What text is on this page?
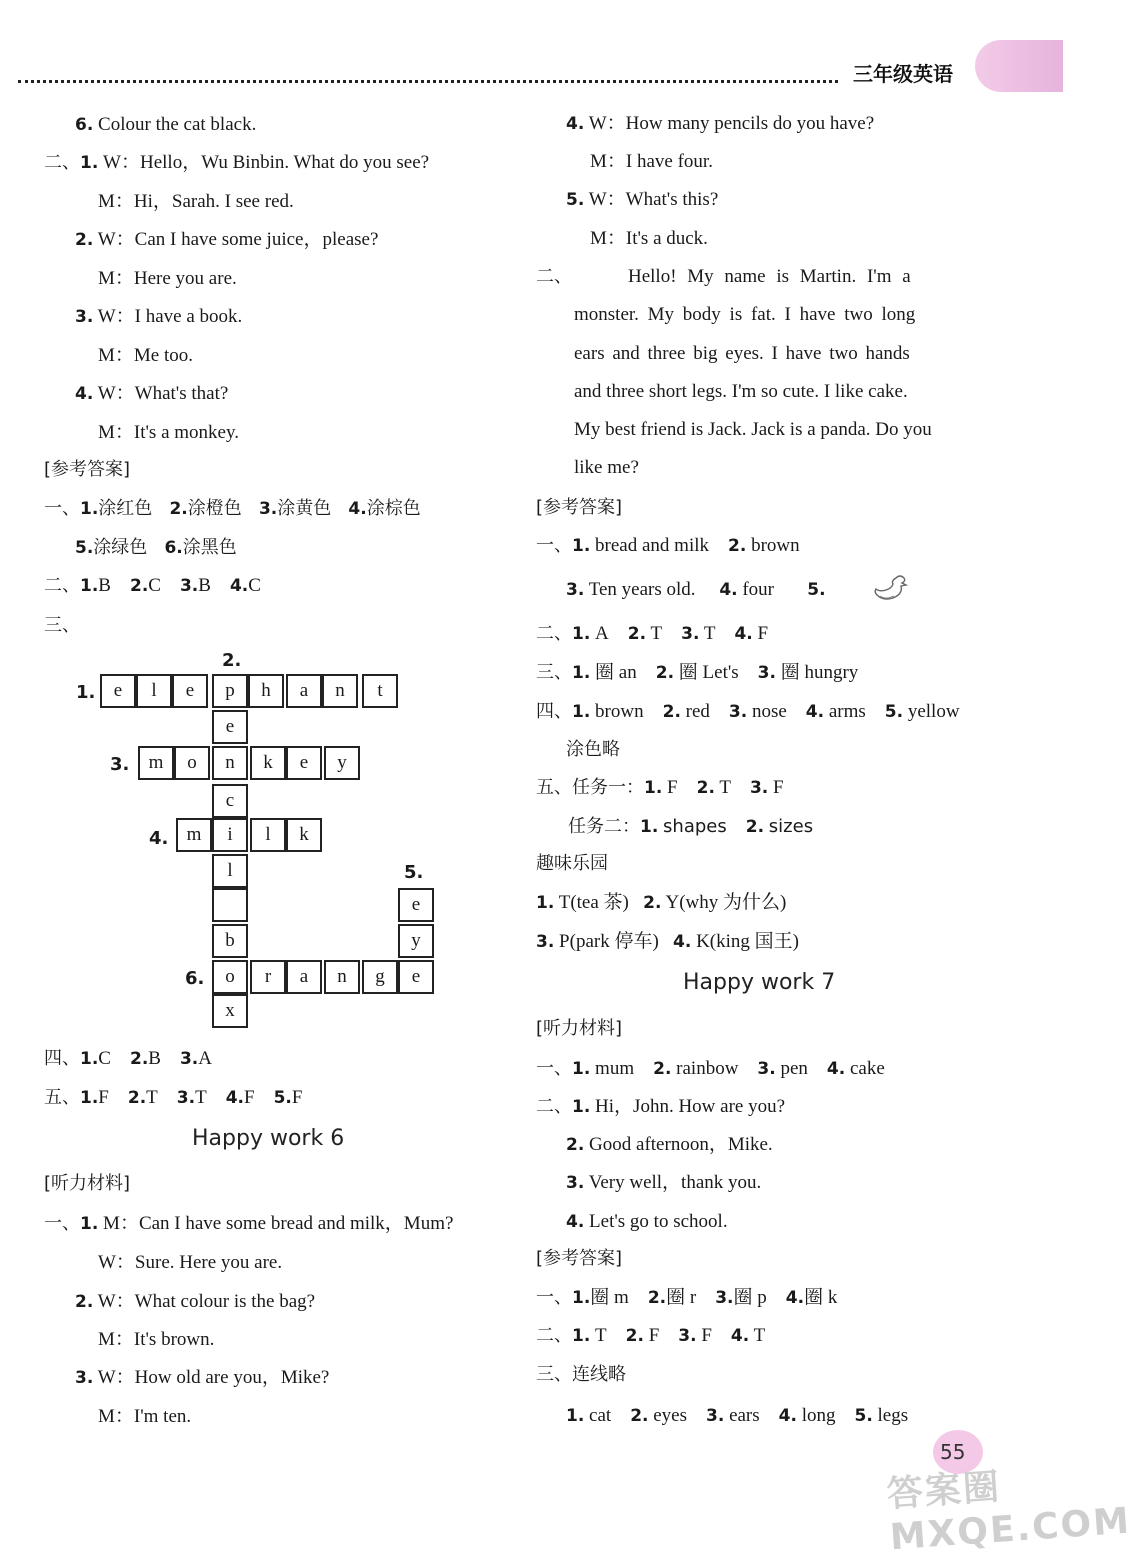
三年级英语
6. Colour the cat black.
二、1. W：Hello，Wu Binbin. What do you see?
M：Hi，Sarah. I see red.
2. W：Can I have some juice，please?
M：Here you are.
3. W：I have a book.
M：Me too.
4. W：What's that?
M：It's a monkey.
[参考答案]
一、1.涂红色 2.涂橙色 3.涂黄色 4.涂棕色
5.涂绿色 6.涂黑色
二、1.B 2.C 3.B 4.C
三、
1.
2.
3.
4.
5.
6.
e	l	e	p	h	a	n	t
e
c
m	o	n	k	e	y
m	i	l	k
l
b
o	r	a	n	g	e
x
e
y
四、1.C 2.B 3.A
五、1.F 2.T 3.T 4.F 5.F
Happy work 6
[听力材料]
一、1. M：Can I have some bread and milk，Mum?
W：Sure. Here you are.
2. W：What colour is the bag?
M：It's brown.
3. W：How old are you，Mike?
M：I'm ten.
4. W：How many pencils do you have?
M：I have four.
5. W：What's this?
M：It's a duck.
二、	Hello! My name is Martin. I'm a
monster. My body is fat. I have two long
ears and three big eyes. I have two hands
and three short legs. I'm so cute. I like cake.
My best friend is Jack. Jack is a panda. Do you
like me?
[参考答案]
一、1. bread and milk 2. brown
3. Ten years old. 4. four 5.
二、1. A 2. T 3. T 4. F
三、1. 圈 an 2. 圈 Let's 3. 圈 hungry
四、1. brown 2. red 3. nose 4. arms 5. yellow
涂色略
五、任务一：1. F 2. T 3. F
任务二：1. shapes 2. sizes
趣味乐园
1. T(tea 茶) 2. Y(why 为什么)
3. P(park 停车) 4. K(king 国王)
Happy work 7
[听力材料]
一、1. mum 2. rainbow 3. pen 4. cake
二、1. Hi，John. How are you?
2. Good afternoon，Mike.
3. Very well，thank you.
4. Let's go to school.
[参考答案]
一、1.圈 m 2.圈 r 3.圈 p 4.圈 k
二、1. T 2. F 3. F 4. T
三、连线略
1. cat 2. eyes 3. ears 4. long 5. legs
55
答案圈 MXQE.COM
